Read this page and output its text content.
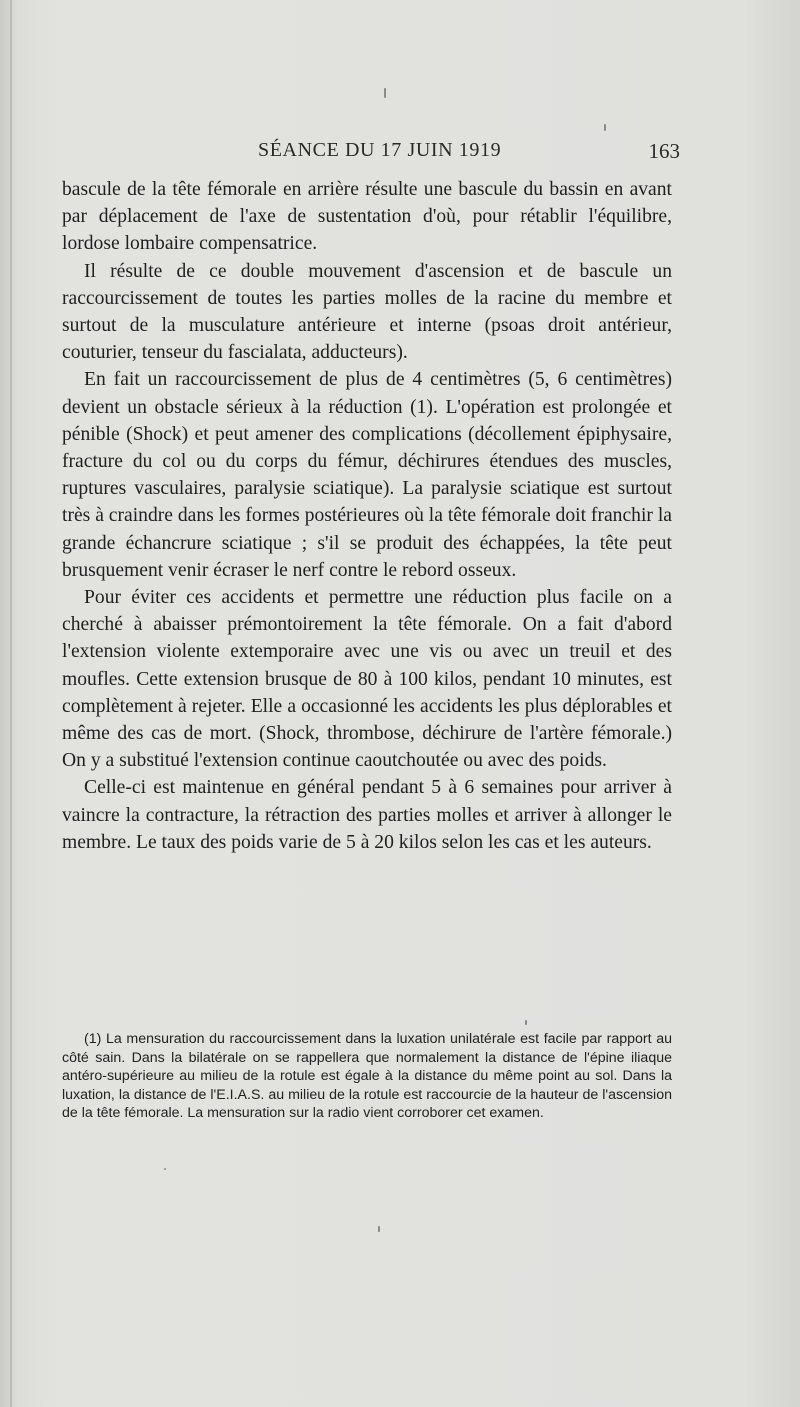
SÉANCE DU 17 JUIN 1919	163

bascule de la tête fémorale en arrière résulte une bascule du bassin en avant par déplacement de l'axe de sustentation d'où, pour rétablir l'équilibre, lordose lombaire compensatrice.

Il résulte de ce double mouvement d'ascension et de bascule un raccourcissement de toutes les parties molles de la racine du membre et surtout de la musculature antérieure et interne (psoas droit antérieur, couturier, tenseur du fascialata, adducteurs).

En fait un raccourcissement de plus de 4 centimètres (5, 6 centimètres) devient un obstacle sérieux à la réduction (1). L'opération est prolongée et pénible (Shock) et peut amener des complications (décollement épiphysaire, fracture du col ou du corps du fémur, déchirures étendues des muscles, ruptures vasculaires, paralysie sciatique). La paralysie sciatique est surtout très à craindre dans les formes postérieures où la tête fémorale doit franchir la grande échancrure sciatique ; s'il se produit des échappées, la tête peut brusquement venir écraser le nerf contre le rebord osseux.

Pour éviter ces accidents et permettre une réduction plus facile on a cherché à abaisser prémontoirement la tête fémorale. On a fait d'abord l'extension violente extemporaire avec une vis ou avec un treuil et des moufles. Cette extension brusque de 80 à 100 kilos, pendant 10 minutes, est complètement à rejeter. Elle a occasionné les accidents les plus déplorables et même des cas de mort. (Shock, thrombose, déchirure de l'artère fémorale.) On y a substitué l'extension continue caoutchoutée ou avec des poids.

Celle-ci est maintenue en général pendant 5 à 6 semaines pour arriver à vaincre la contracture, la rétraction des parties molles et arriver à allonger le membre. Le taux des poids varie de 5 à 20 kilos selon les cas et les auteurs.

(1) La mensuration du raccourcissement dans la luxation unilatérale est facile par rapport au côté sain. Dans la bilatérale on se rappellera que normalement la distance de l'épine iliaque antéro-supérieure au milieu de la rotule est égale à la distance du même point au sol. Dans la luxation, la distance de l'E.I.A.S. au milieu de la rotule est raccourcie de la hauteur de l'ascension de la tête fémorale. La mensuration sur la radio vient corroborer cet examen.
